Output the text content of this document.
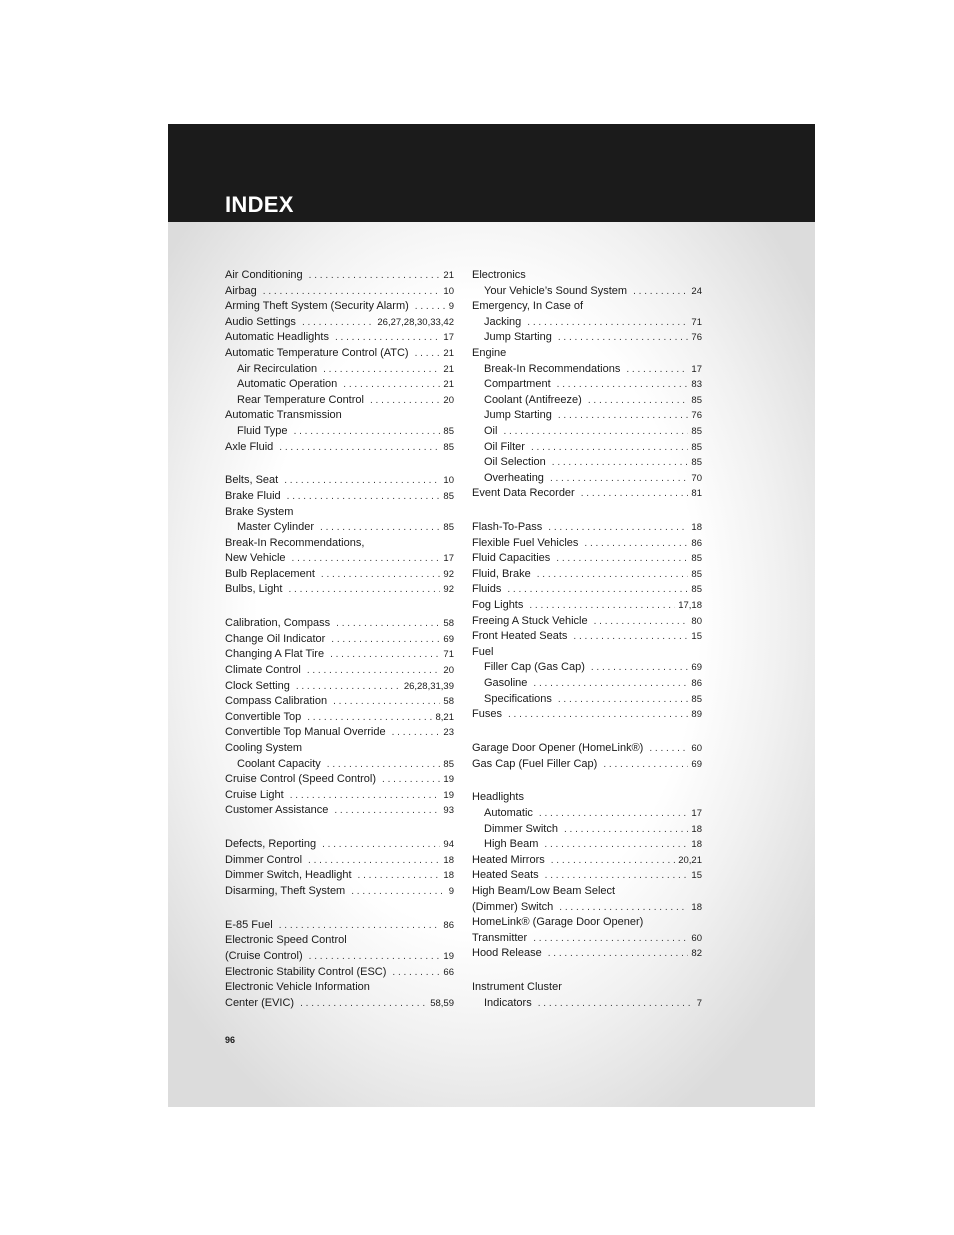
INDEX
Air Conditioning . . .	21
Airbag . . .	10
Arming Theft System (Security Alarm) . . .	9
Audio Settings . . .	26,27,28,30,33,42
Automatic Headlights . . .	17
Automatic Temperature Control (ATC) . . .	21
Air Recirculation . . .	21
Automatic Operation . . .	21
Rear Temperature Control . . .	20
Automatic Transmission
Fluid Type . . .	85
Axle Fluid . . .	85
Belts, Seat . . .	10
Brake Fluid . . .	85
Brake System
Master Cylinder . . .	85
Break-In Recommendations,
New Vehicle . . .	17
Bulb Replacement . . .	92
Bulbs, Light . . .	92
Calibration, Compass . . .	58
Change Oil Indicator . . .	69
Changing A Flat Tire . . .	71
Climate Control . . .	20
Clock Setting . . .	26,28,31,39
Compass Calibration . . .	58
Convertible Top . . .	8,21
Convertible Top Manual Override . . .	23
Cooling System
Coolant Capacity . . .	85
Cruise Control (Speed Control) . . .	19
Cruise Light . . .	19
Customer Assistance . . .	93
Defects, Reporting . . .	94
Dimmer Control . . .	18
Dimmer Switch, Headlight . . .	18
Disarming, Theft System . . .	9
E-85 Fuel . . .	86
Electronic Speed Control
(Cruise Control) . . .	19
Electronic Stability Control (ESC) . . .	66
Electronic Vehicle Information
Center (EVIC) . . .	58,59
Electronics
Your Vehicle’s Sound System . . .	24
Emergency, In Case of
Jacking . . .	71
Jump Starting . . .	76
Engine
Break-In Recommendations . . .	17
Compartment . . .	83
Coolant (Antifreeze) . . .	85
Jump Starting . . .	76
Oil . . .	85
Oil Filter . . .	85
Oil Selection . . .	85
Overheating . . .	70
Event Data Recorder . . .	81
Flash-To-Pass . . .	18
Flexible Fuel Vehicles . . .	86
Fluid Capacities . . .	85
Fluid, Brake . . .	85
Fluids . . .	85
Fog Lights . . .	17,18
Freeing A Stuck Vehicle . . .	80
Front Heated Seats . . .	15
Fuel
Filler Cap (Gas Cap) . . .	69
Gasoline . . .	86
Specifications . . .	85
Fuses . . .	89
Garage Door Opener (HomeLink®) . . .	60
Gas Cap (Fuel Filler Cap) . . .	69
Headlights
Automatic . . .	17
Dimmer Switch . . .	18
High Beam . . .	18
Heated Mirrors . . .	20,21
Heated Seats . . .	15
High Beam/Low Beam Select
(Dimmer) Switch . . .	18
HomeLink® (Garage Door Opener)
Transmitter . . .	60
Hood Release . . .	82
Instrument Cluster
Indicators . . .	7
96
